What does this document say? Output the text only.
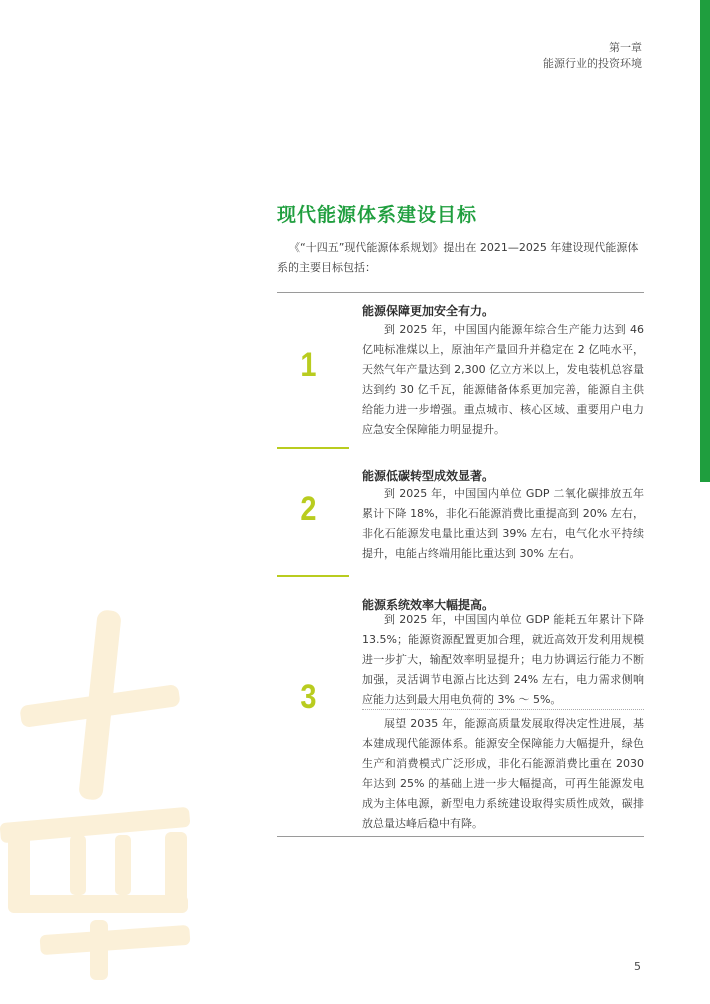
第一章
能源行业的投资环境
现代能源体系建设目标
《“十四五”现代能源体系规划》提出在 2021—2025 年建设现代能源体系的主要目标包括：
1
能源保障更加安全有力。
到 2025 年，中国国内能源年综合生产能力达到 46 亿吨标准煤以上，原油年产量回升并稳定在 2 亿吨水平，天然气年产量达到 2,300 亿立方米以上，发电装机总容量达到约 30 亿千瓦，能源储备体系更加完善，能源自主供给能力进一步增强。重点城市、核心区域、重要用户电力应急安全保障能力明显提升。
2
能源低碳转型成效显著。
到 2025 年，中国国内单位 GDP 二氧化碳排放五年累计下降 18%，非化石能源消费比重提高到 20% 左右，非化石能源发电量比重达到 39% 左右，电气化水平持续提升，电能占终端用能比重达到 30% 左右。
3
能源系统效率大幅提高。
到 2025 年，中国国内单位 GDP 能耗五年累计下降 13.5%；能源资源配置更加合理，就近高效开发利用规模进一步扩大，输配效率明显提升；电力协调运行能力不断加强，灵活调节电源占比达到 24% 左右，电力需求侧响应能力达到最大用电负荷的 3% ～ 5%。
展望 2035 年，能源高质量发展取得决定性进展，基本建成现代能源体系。能源安全保障能力大幅提升，绿色生产和消费模式广泛形成，非化石能源消费比重在 2030 年达到 25% 的基础上进一步大幅提高，可再生能源发电成为主体电源，新型电力系统建设取得实质性成效，碳排放总量达峰后稳中有降。
5
